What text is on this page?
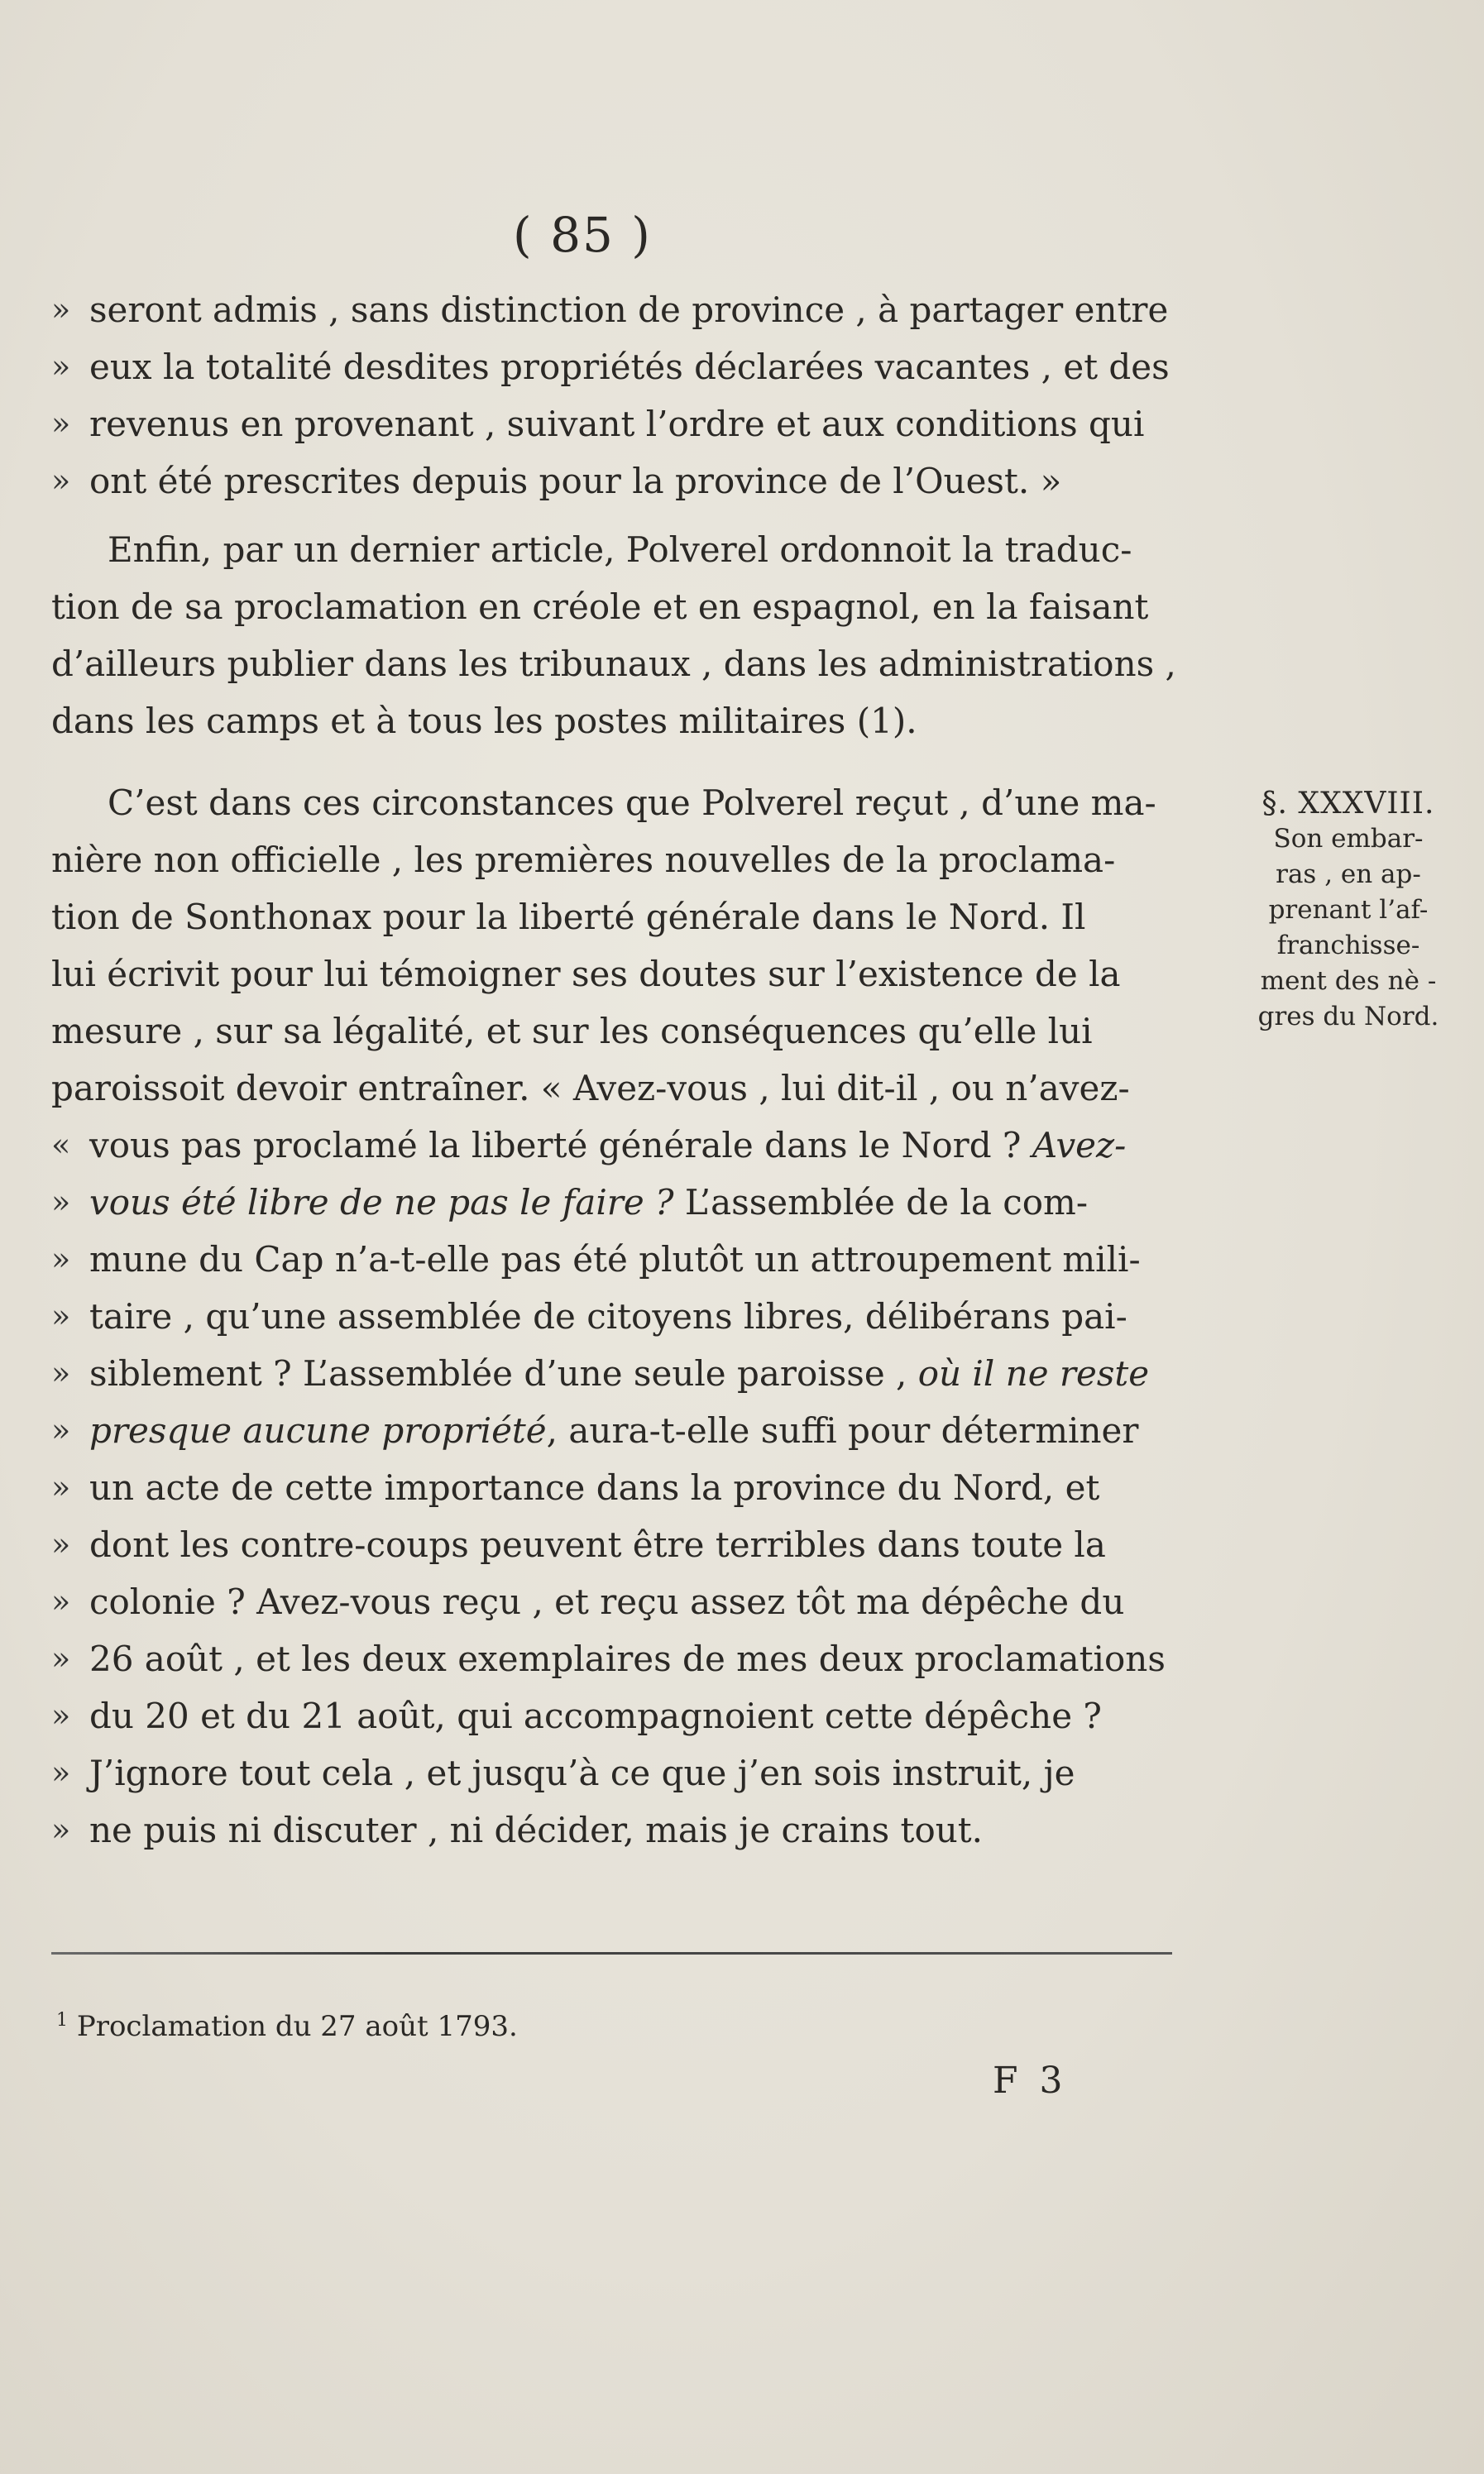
( 85 )
» seront admis , sans distinction de province , à partager entre
» eux la totalité desdites propriétés déclarées vacantes , et des
» revenus en provenant , suivant l’ordre et aux conditions qui
» ont été prescrites depuis pour la province de l’Ouest. »
Enfin, par un dernier article, Polverel ordonnoit la traduc-
tion de sa proclamation en créole et en espagnol, en la faisant
d’ailleurs publier dans les tribunaux , dans les administrations ,
dans les camps et à tous les postes militaires (1).
C’est dans ces circonstances que Polverel reçut , d’une ma-
nière non officielle , les premières nouvelles de la proclama-
tion de Sonthonax pour la liberté générale dans le Nord. Il
lui écrivit pour lui témoigner ses doutes sur l’existence de la
mesure , sur sa légalité, et sur les conséquences qu’elle lui
paroissoit devoir entraîner. « Avez-vous , lui dit-il , ou n’avez-
« vous pas proclamé la liberté générale dans le Nord ? Avez-
» vous été libre de ne pas le faire ? L’assemblée de la com-
» mune du Cap n’a-t-elle pas été plutôt un attroupement mili-
» taire , qu’une assemblée de citoyens libres, délibérans pai-
» siblement ? L’assemblée d’une seule paroisse , où il ne reste
» presque aucune propriété, aura-t-elle suffi pour déterminer
» un acte de cette importance dans la province du Nord, et
» dont les contre-coups peuvent être terribles dans toute la
» colonie ? Avez-vous reçu , et reçu assez tôt ma dépêche du
» 26 août , et les deux exemplaires de mes deux proclamations
» du 20 et du 21 août, qui accompagnoient cette dépêche ?
» J’ignore tout cela , et jusqu’à ce que j’en sois instruit, je
» ne puis ni discuter , ni décider, mais je crains tout.
§. XXXVIII.
Son embar-
ras , en ap-
prenant l’af-
franchisse-
ment des nè -
gres du Nord.
$^1$ Proclamation du 27 août 1793.
F 3
